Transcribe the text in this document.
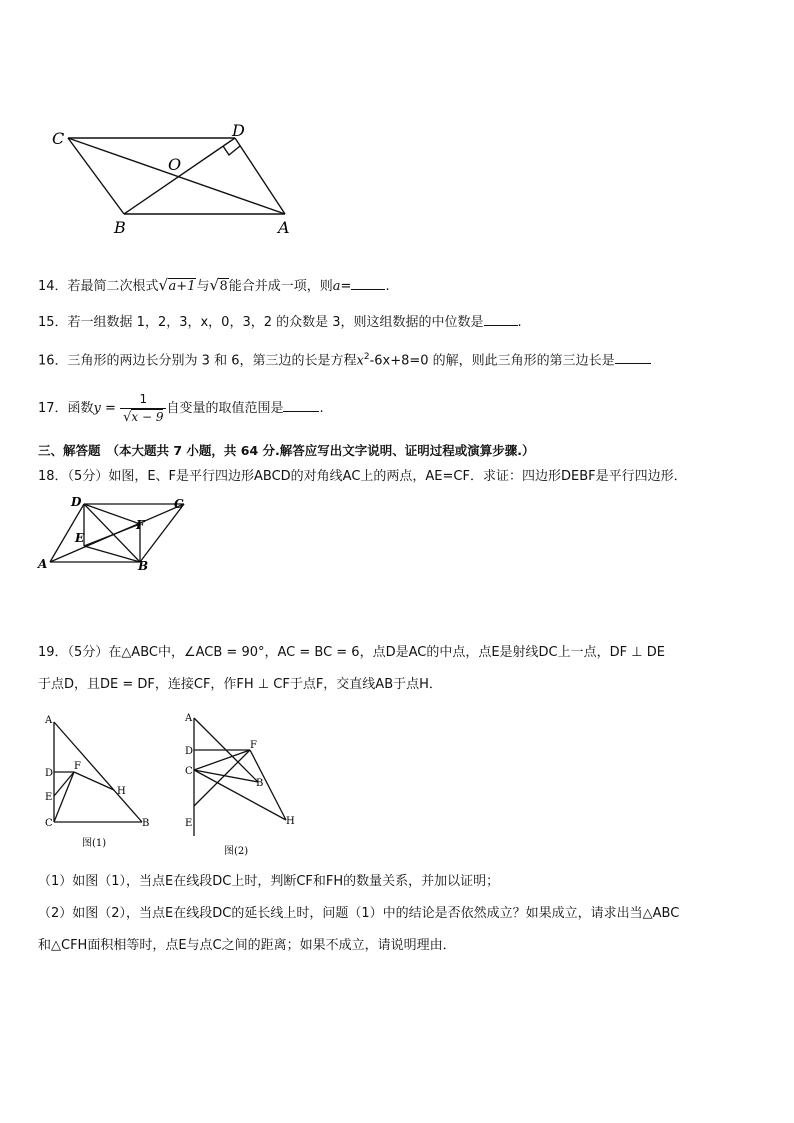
C	D
O
B	A
14．若最简二次根式 √ a+1与 √ 8能合并成一项，则a=	.
15．若一组数据 1，2，3，x，0，3，2 的众数是 3，则这组数据的中位数是	.
16．三角形的两边长分别为 3 和 6，第三边的长是方程$x^2-6x+8=0$ 的解，则此三角形的第三边长是
17．函数$y = \frac{1}{√x - 9}$ 自变量的取值范围是	.
三、解答题 （本大题共 7 小题，共 64 分.解答应写出文字说明、证明过程或演算步骤.）
18．（5分）如图，E、F是平行四边形ABCD的对角线AC上的两点，AE=CF．求证：四边形DEBF是平行四边形．
D	C
F
E
A	B
19．（5分）在△ABC中，∠ACB = 90°，AC = BC = 6，点D是AC的中点，点E是射线DC上一点，DF ⊥ DE
于点D，且DE = DF，连接CF，作FH ⊥ CF于点F，交直线AB于点H．
A
D
F
E
H
C	B
图(1)
A
D
F
B
C
E	H
图(2)
（1）如图（1），当点E在线段DC上时，判断CF和FH的数量关系，并加以证明；
（2）如图（2），当点E在线段DC的延长线上时，问题（1）中的结论是否依然成立？如果成立，请求出当△ABC
和△CFH面积相等时，点E与点C之间的距离；如果不成立，请说明理由．
